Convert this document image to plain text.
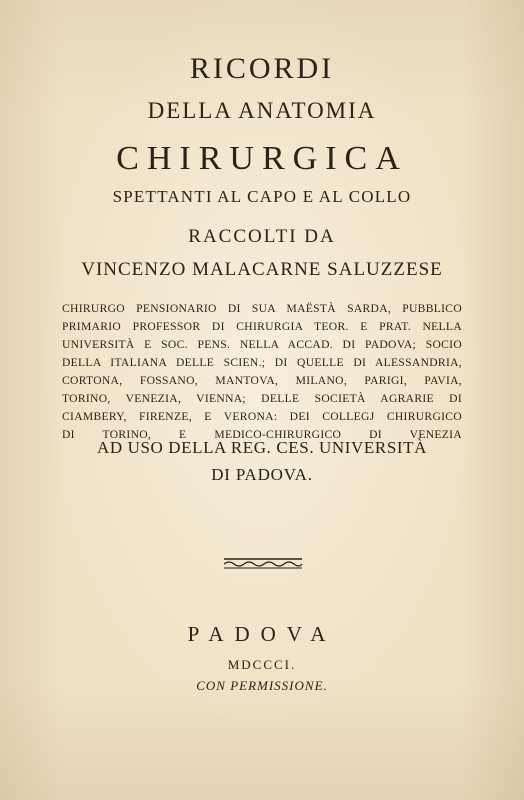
RICORDI
DELLA ANATOMIA
CHIRURGICA
SPETTANTI AL CAPO E AL COLLO
RACCOLTI DA
VINCENZO MALACARNE SALUZZESE
CHIRURGO PENSIONARIO DI SUA MAËSTÀ SARDA, PUBBLICO
PRIMARIO PROFESSOR DI CHIRURGIA TEOR. E PRAT. NELLA
UNIVERSITÀ E SOC. PENS. NELLA ACCAD. DI PADOVA; SOCIO
DELLA ITALIANA DELLE SCIEN.; DI QUELLE DI ALESSANDRIA,
CORTONA, FOSSANO, MANTOVA, MILANO, PARIGI, PAVIA,
TORINO, VENEZIA, VIENNA; DELLE SOCIETÀ AGRARIE DI
CIAMBERY, FIRENZE, E VERONA: DEI COLLEGJ CHIRURGICO
DI TORINO, E MEDICO-CHIRURGICO DI VENEZIA
AD USO DELLA REG. CES. UNIVERSITÀ
DI PADOVA.
PADOVA
MDCCCI.
CON PERMISSIONE.
